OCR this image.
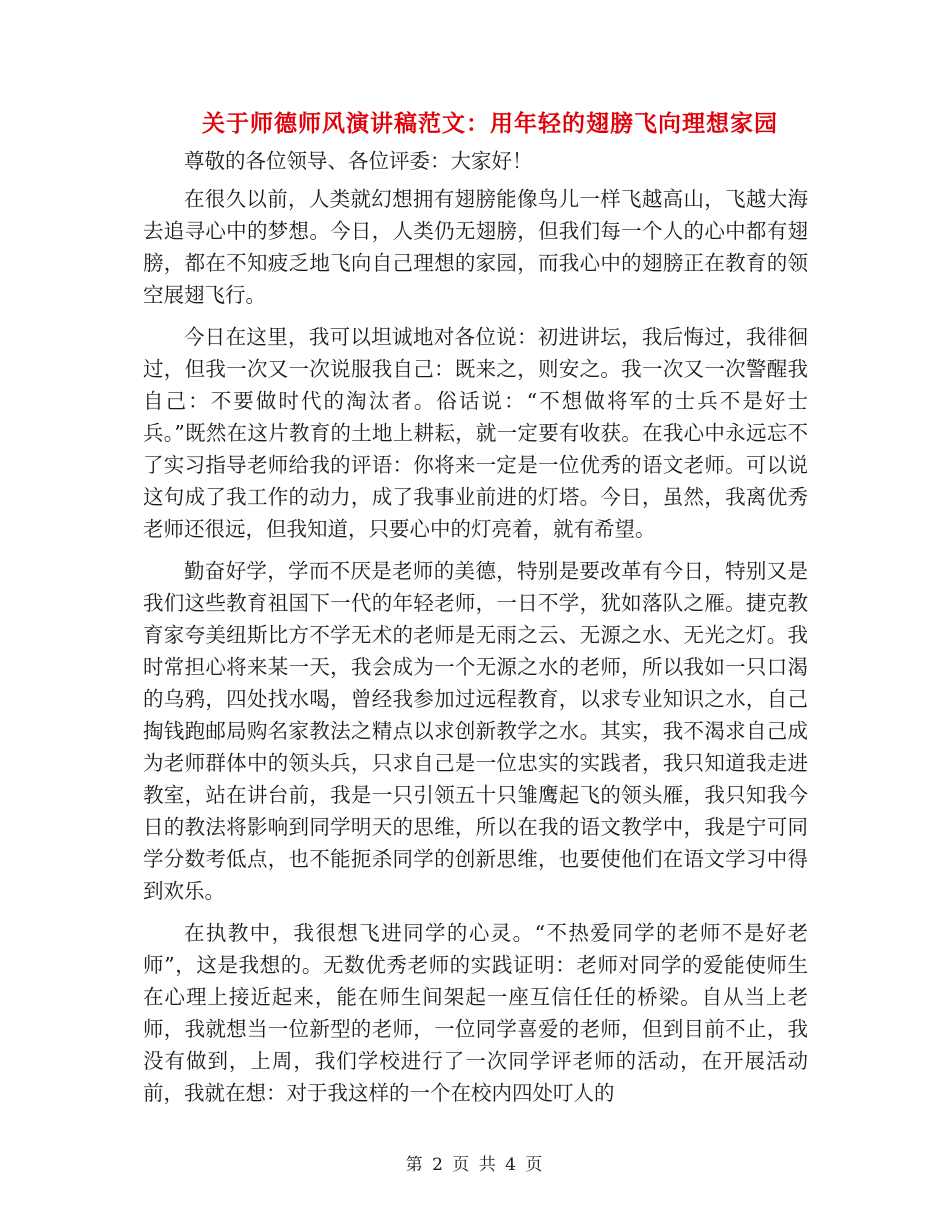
关于师德师风演讲稿范文：用年轻的翅膀飞向理想家园

尊敬的各位领导、各位评委：大家好！

在很久以前，人类就幻想拥有翅膀能像鸟儿一样飞越高山，飞越大海去追寻心中的梦想。今日，人类仍无翅膀，但我们每一个人的心中都有翅膀，都在不知疲乏地飞向自己理想的家园，而我心中的翅膀正在教育的领空展翅飞行。

今日在这里，我可以坦诚地对各位说：初进讲坛，我后悔过，我徘徊过，但我一次又一次说服我自己：既来之，则安之。我一次又一次警醒我自己：不要做时代的淘汰者。俗话说：“不想做将军的士兵不是好士兵。”既然在这片教育的土地上耕耘，就一定要有收获。在我心中永远忘不了实习指导老师给我的评语：你将来一定是一位优秀的语文老师。可以说这句成了我工作的动力，成了我事业前进的灯塔。今日，虽然，我离优秀老师还很远，但我知道，只要心中的灯亮着，就有希望。

勤奋好学，学而不厌是老师的美德，特别是要改革有今日，特别又是我们这些教育祖国下一代的年轻老师，一日不学，犹如落队之雁。捷克教育家夸美纽斯比方不学无术的老师是无雨之云、无源之水、无光之灯。我时常担心将来某一天，我会成为一个无源之水的老师，所以我如一只口渴的乌鸦，四处找水喝，曾经我参加过远程教育，以求专业知识之水，自己掏钱跑邮局购名家教法之精点以求创新教学之水。其实，我不渴求自己成为老师群体中的领头兵，只求自己是一位忠实的实践者，我只知道我走进教室，站在讲台前，我是一只引领五十只雏鹰起飞的领头雁，我只知我今日的教法将影响到同学明天的思维，所以在我的语文教学中，我是宁可同学分数考低点，也不能扼杀同学的创新思维，也要使他们在语文学习中得到欢乐。

在执教中，我很想飞进同学的心灵。“不热爱同学的老师不是好老师”，这是我想的。无数优秀老师的实践证明：老师对同学的爱能使师生在心理上接近起来，能在师生间架起一座互信任任的桥梁。自从当上老师，我就想当一位新型的老师，一位同学喜爱的老师，但到目前不止，我没有做到，上周，我们学校进行了一次同学评老师的活动，在开展活动前，我就在想：对于我这样的一个在校内四处叮人的

第 2 页 共 4 页
